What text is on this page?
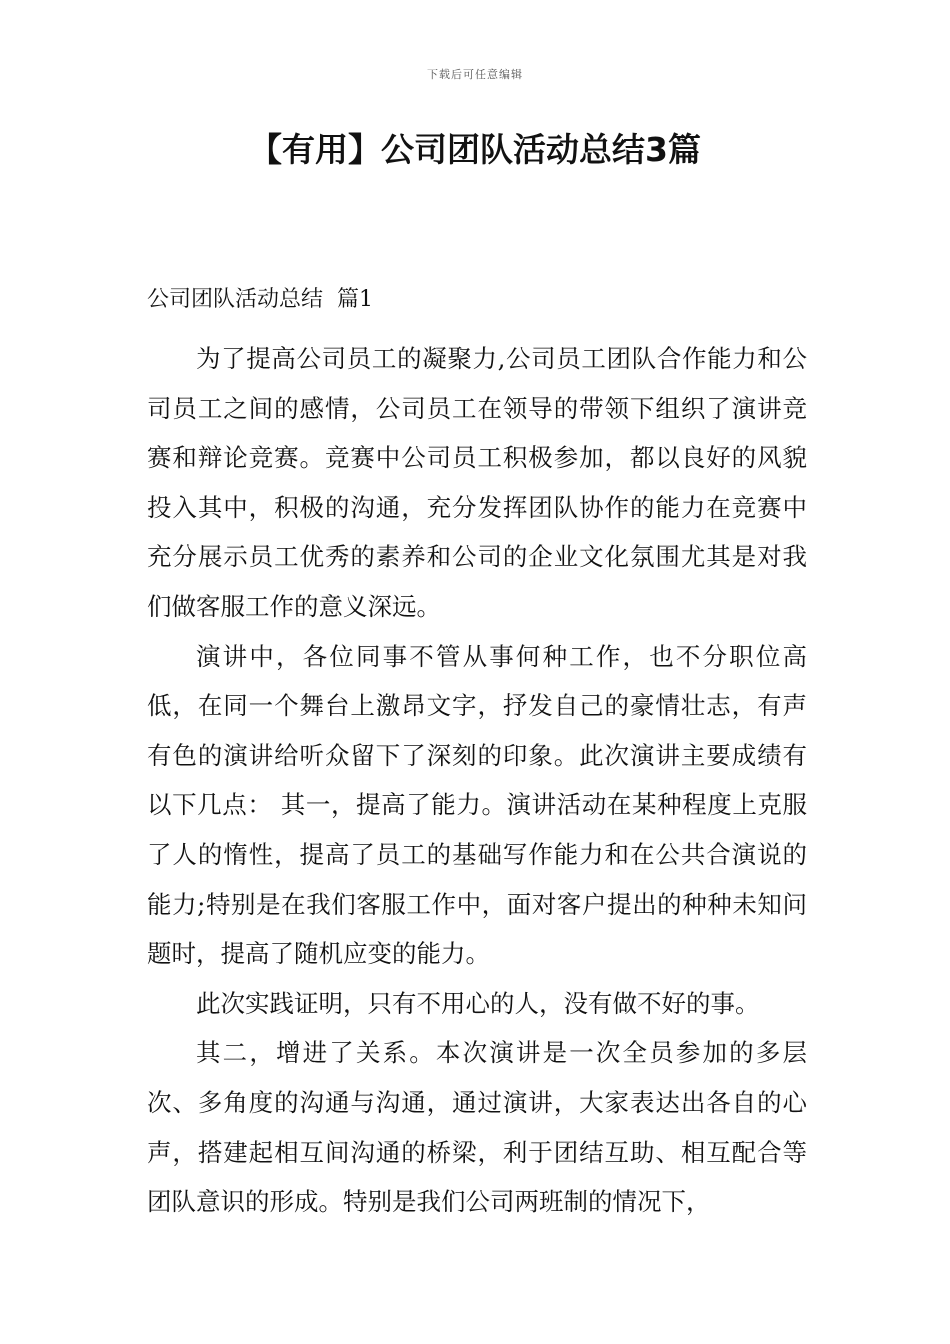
下载后可任意编辑
【有用】公司团队活动总结3篇
公司团队活动总结  篇1

为了提高公司员工的凝聚力,公司员工团队合作能力和公司员工之间的感情，公司员工在领导的带领下组织了演讲竞赛和辩论竞赛。竞赛中公司员工积极参加，都以良好的风貌投入其中，积极的沟通，充分发挥团队协作的能力在竞赛中充分展示员工优秀的素养和公司的企业文化氛围尤其是对我们做客服工作的意义深远。

演讲中，各位同事不管从事何种工作，也不分职位高低，在同一个舞台上激昂文字，抒发自己的豪情壮志，有声有色的演讲给听众留下了深刻的印象。此次演讲主要成绩有以下几点： 其一，提高了能力。演讲活动在某种程度上克服了人的惰性，提高了员工的基础写作能力和在公共合演说的能力;特别是在我们客服工作中，面对客户提出的种种未知问题时，提高了随机应变的能力。

此次实践证明，只有不用心的人，没有做不好的事。

其二，增进了关系。本次演讲是一次全员参加的多层次、多角度的沟通与沟通，通过演讲，大家表达出各自的心声，搭建起相互间沟通的桥梁，利于团结互助、相互配合等团队意识的形成。特别是我们公司两班制的情况下，
